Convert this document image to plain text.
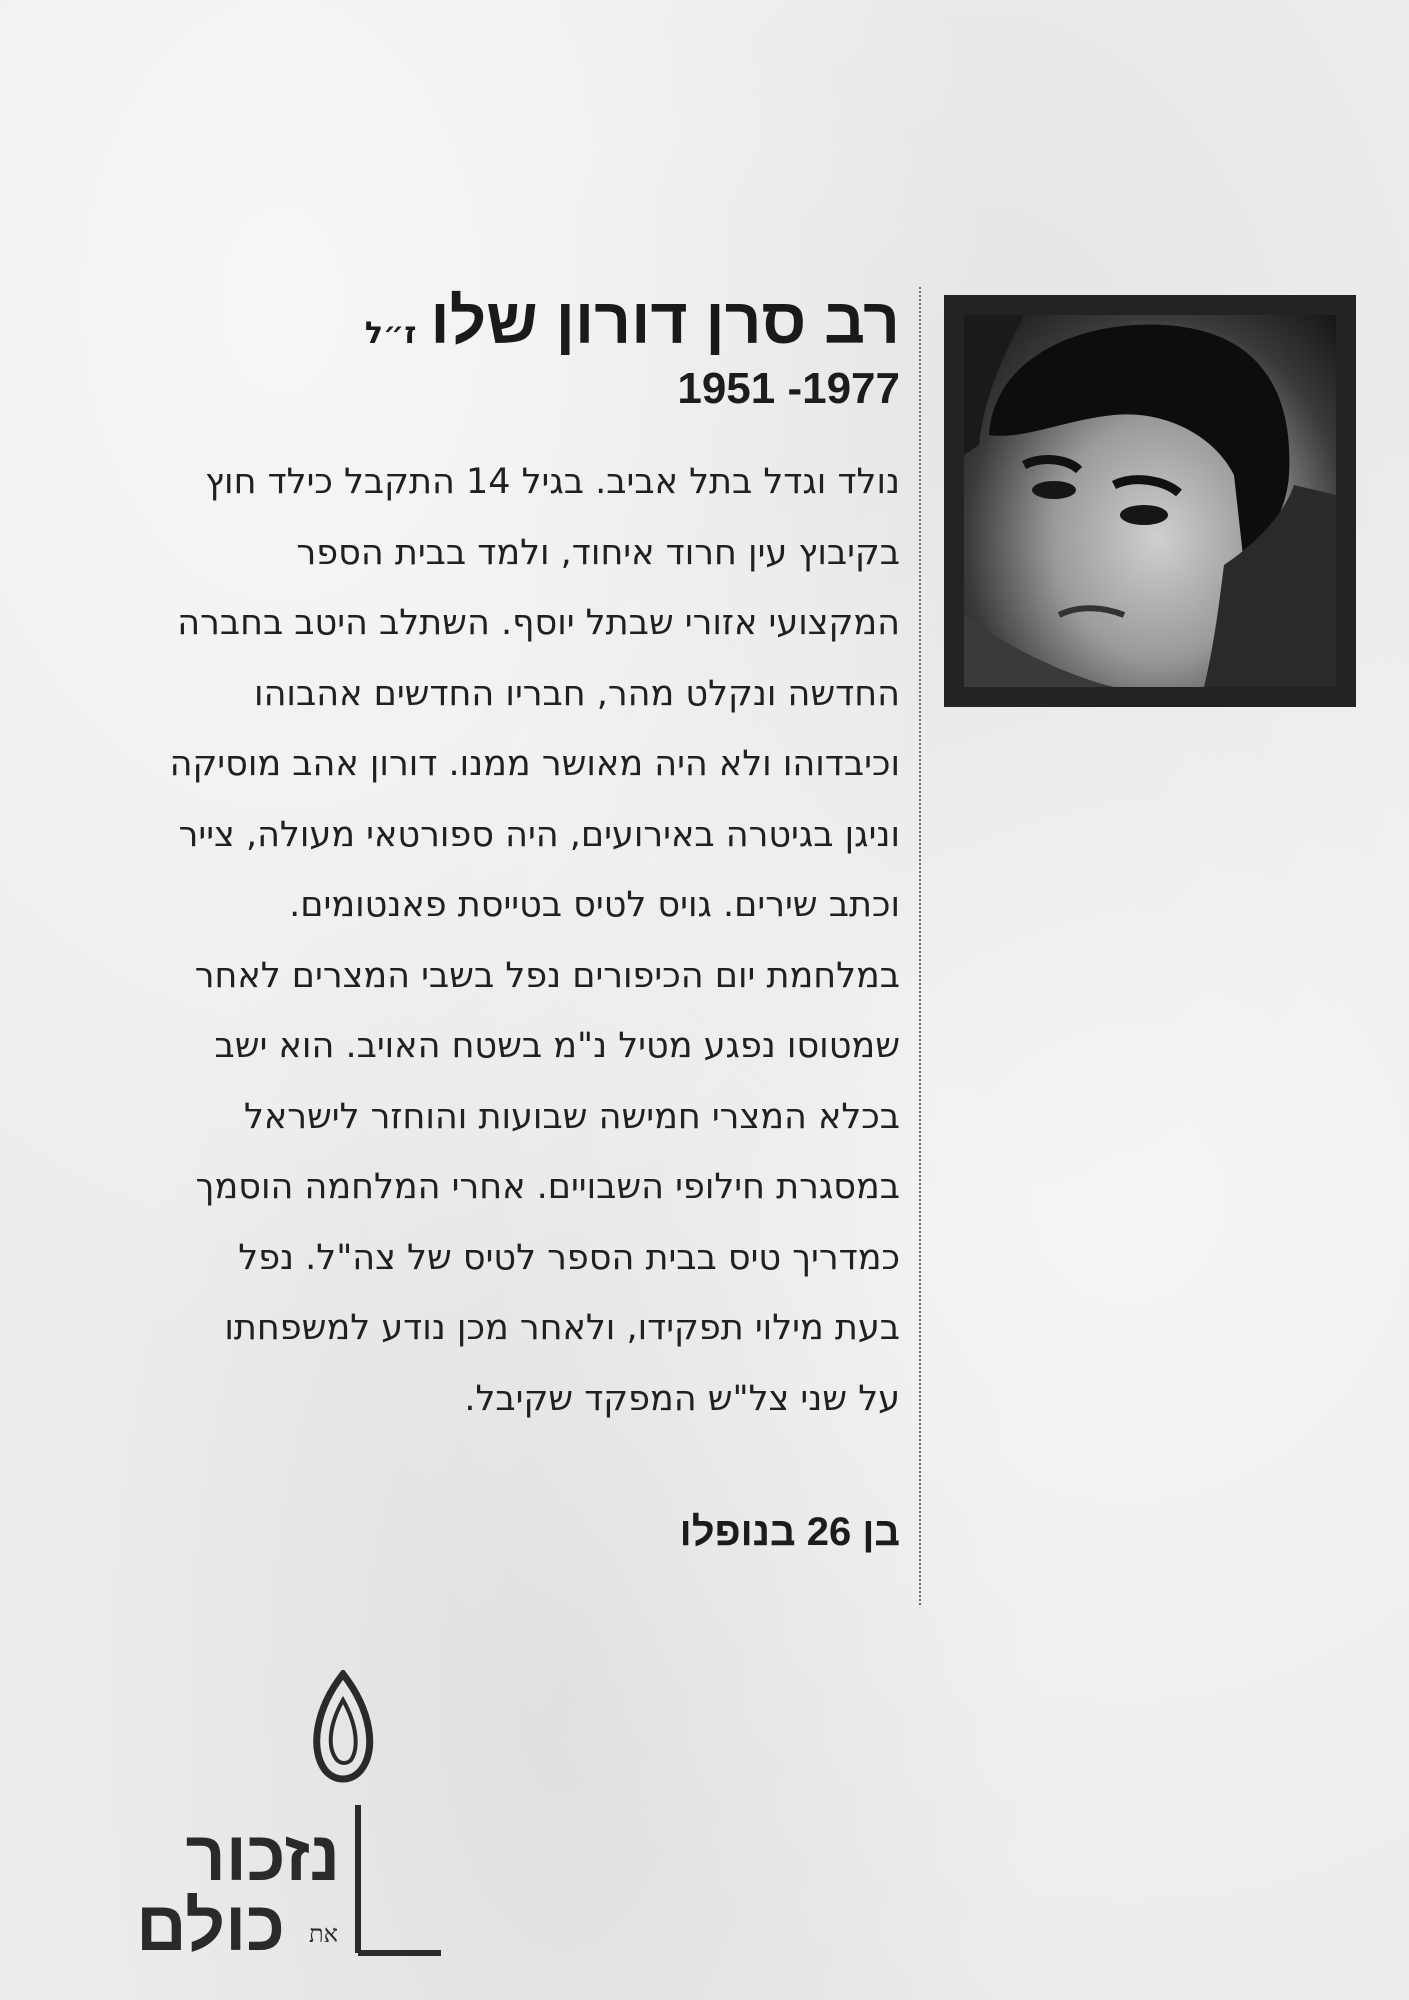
רב סרן דורון שלו
ז״ל
1951 -1977
נולד וגדל בתל אביב. בגיל 14 התקבל כילד חוץ
בקיבוץ עין חרוד איחוד, ולמד בבית הספר
המקצועי אזורי שבתל יוסף. השתלב היטב בחברה
החדשה ונקלט מהר, חבריו החדשים אהבוהו
וכיבדוהו ולא היה מאושר ממנו. דורון אהב מוסיקה
וניגן בגיטרה באירועים, היה ספורטאי מעולה, צייר
וכתב שירים. גויס לטיס בטייסת פאנטומים.
במלחמת יום הכיפורים נפל בשבי המצרים לאחר
שמטוסו נפגע מטיל נ"מ בשטח האויב. הוא ישב
בכלא המצרי חמישה שבועות והוחזר לישראל
במסגרת חילופי השבויים. אחרי המלחמה הוסמך
כמדריך טיס בבית הספר לטיס של צה"ל. נפל
בעת מילוי תפקידו, ולאחר מכן נודע למשפחתו
על שני צל"ש המפקד שקיבל.
בן 26 בנופלו
נזכור
את
כולם
